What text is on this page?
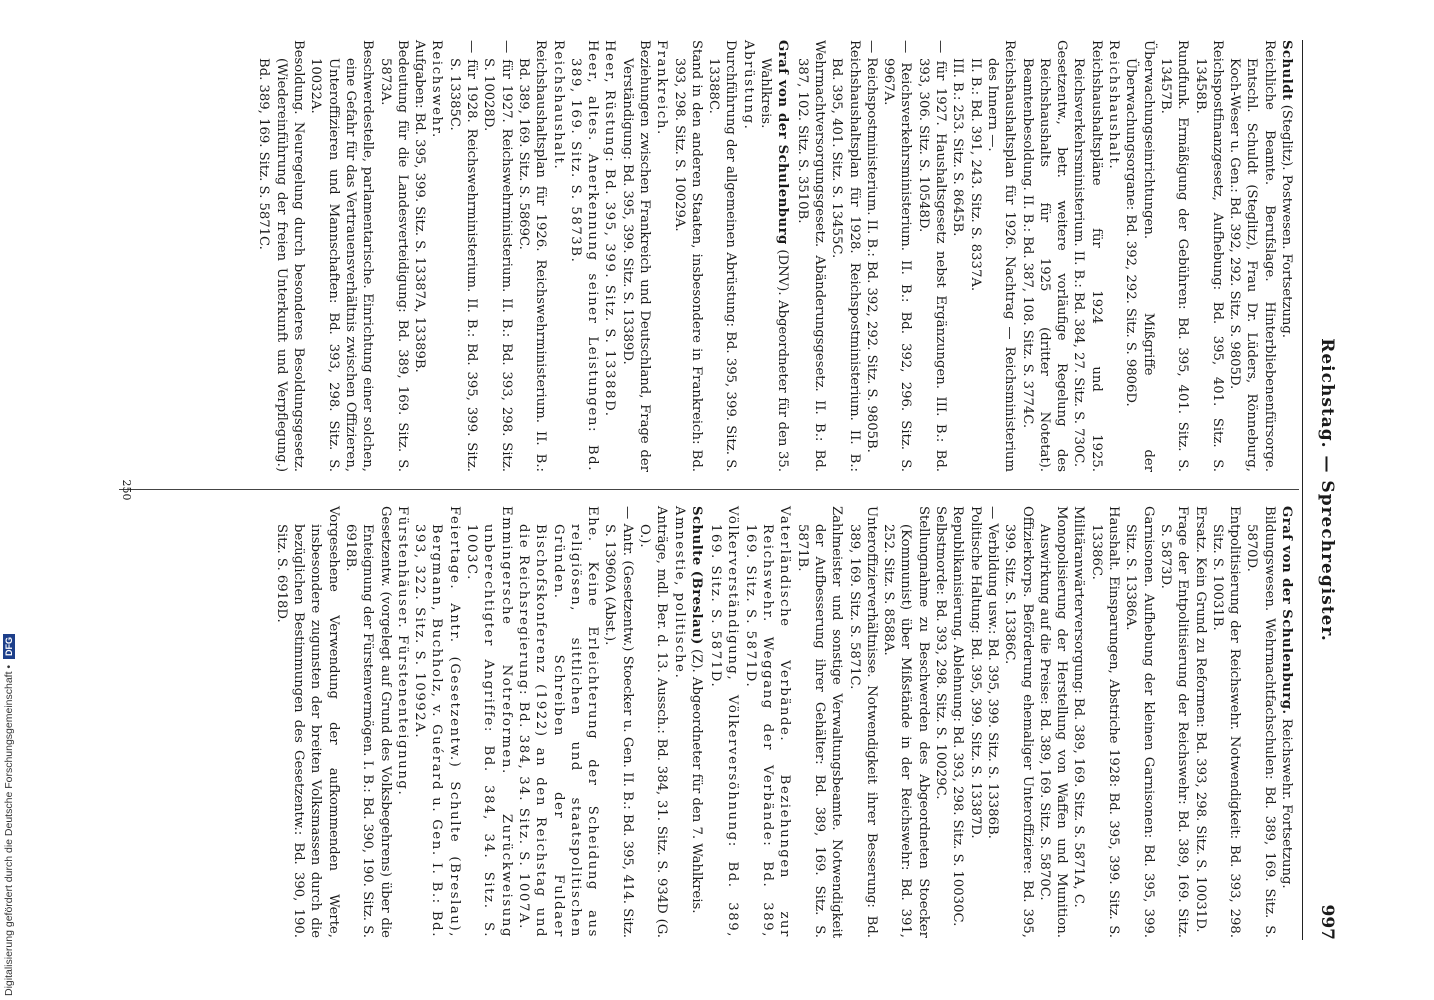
Reichstag. — Sprechregister.
997

Schuldt (Steglitz). Postwesen. Fortsetzung.

Reichliche Beamte. Berufslage. Hinterbliebenenfürsorge. Entschl. Schuldt (Steglitz), Frau Dr. Lüders, Rönneburg, Koch-Weser u. Gen.: Bd. 392, 292. Sitz. S. 9805D.

Reichspostfinanzgesetz, Aufhebung: Bd. 395, 401. Sitz. S. 13458B.

Rundfunk. Ermäßigung der Gebühren: Bd. 395, 401. Sitz. S. 13457B.

Überwachungseinrichtungen. Mißgriffe der Überwachungsorgane: Bd. 392, 292. Sitz. S. 9806D.

Reichshaushalt.

Reichshaushaltspläne für 1924 und 1925. Reichsverkehrsministerium. II. B.: Bd. 384, 27. Sitz. S. 730C.

Gesetzentw., betr. weitere vorläufige Regelung des Reichshaushalts für 1925 (dritter Notetat). Beamtenbesoldung. II. B.: Bd. 387, 108. Sitz. S. 3774C.

Reichshaushaltsplan für 1926. Nachtrag — Reichsministerium des Innern —.

II. B.: Bd. 391, 243. Sitz. S. 8337A.

III. B.: 253. Sitz. S. 8645B.

— für 1927. Haushaltsgesetz nebst Ergänzungen. III. B.: Bd. 393, 306. Sitz. S. 10548D.

— Reichsverkehrsministerium. II. B.: Bd. 392, 296. Sitz. S. 9967A.

— Reichspostministerium. II. B.: Bd. 392, 292. Sitz. S. 9805B.

Reichshaushaltsplan für 1928. Reichspostministerium. II. B.: Bd. 395, 401. Sitz. S. 13455C.

Wehrmachtversorgungsgesetz. Abänderungsgesetz. II. B.: Bd. 387, 102. Sitz. S. 3510B.

Graf von der Schulenburg (DNV). Abgeordneter für den 35. Wahlkreis.

Abrüstung.

Durchführung der allgemeinen Abrüstung: Bd. 395, 399. Sitz. S. 13388C.

Stand in den anderen Staaten, insbesondere in Frankreich: Bd. 393, 298. Sitz. S. 10029A.

Frankreich.

Beziehungen zwischen Frankreich und Deutschland, Frage der Verständigung: Bd. 395, 399. Sitz. S. 13389D.

Heer, Rüstung: Bd. 395, 399. Sitz. S. 13388D.

Heer, altes. Anerkennung seiner Leistungen: Bd. 389, 169. Sitz. S. 5873B.

Reichshaushalt.

Reichshaushaltsplan für 1926. Reichswehrministerium. II. B.: Bd. 389, 169. Sitz. S. 5869C.

— für 1927. Reichswehrministerium. II. B.: Bd. 393, 298. Sitz. S. 10028D.

— für 1928. Reichswehrministerium. II. B.: Bd. 395, 399. Sitz. S. 13385C.

Reichswehr.

Aufgaben: Bd. 395, 399. Sitz. S. 13387A, 13389B.

Bedeutung für die Landesverteidigung: Bd. 389, 169. Sitz. S. 5873A.

Beschwerdestelle, parlamentarische. Einrichtung einer solchen, eine Gefahr für das Vertrauensverhältnis zwischen Offizieren, Unteroffizieren und Mannschaften: Bd. 393, 298. Sitz. S. 10032A.

Besoldung. Neuregelung durch besonderes Besoldungsgesetz. (Wiedereinführung der freien Unterkunft und Verpflegung.) Bd. 389, 169. Sitz. S. 5871C.

Graf von der Schulenburg. Reichswehr. Fortsetzung.

Bildungswesen. Wehrmachtfachschulen: Bd. 389, 169. Sitz. S. 5870D.

Entpolitisierung der Reichswehr. Notwendigkeit: Bd. 393, 298. Sitz. S. 10031B.

Ersatz. Kein Grund zu Reformen: Bd. 393, 298. Sitz. S. 10031D.

Frage der Entpolitisierung der Reichswehr: Bd. 389, 169. Sitz. S. 5873D.

Garnisonen. Aufhebung der kleinen Garnisonen: Bd. 395, 399. Sitz. S. 13386A.

Haushalt. Einsparungen, Abstriche 1928: Bd. 395, 399. Sitz. S. 13386C.

Militäranwärterversorgung: Bd. 389, 169. Sitz. S. 5871A, C.

Monopolisierung der Herstellung von Waffen und Munition. Auswirkung auf die Preise: Bd. 389, 169. Sitz. S. 5870C.

Offizierkorps. Beförderung ehemaliger Unteroffiziere: Bd. 395, 399. Sitz. S. 13386C.

— Verbildung usw.: Bd. 395, 399. Sitz. S. 13386B.

Politische Haltung: Bd. 395, 399. Sitz. S. 13387D.

Republikanisierung. Ablehnung: Bd. 393, 298. Sitz. S. 10030C.

Selbstmorde: Bd. 393, 298. Sitz. S. 10029C.

Stellungnahme zu Beschwerden des Abgeordneten Stoecker (Kommunist) über Mißstände in der Reichswehr: Bd. 391, 252. Sitz. S. 8588A.

Unteroffizierverhältnisse. Notwendigkeit ihrer Besserung: Bd. 389, 169. Sitz. S. 5871C.

Zahlmeister und sonstige Verwaltungsbeamte. Notwendigkeit der Aufbesserung ihrer Gehälter: Bd. 389, 169. Sitz. S. 5871B.

Vaterländische Verbände. Beziehungen zur Reichswehr. Weggang der Verbände: Bd. 389, 169. Sitz. S. 5871D.

Völkerverständigung, Völkerversöhnung: Bd. 389, 169. Sitz. S. 5871D.

Schulte (Breslau) (Z). Abgeordneter für den 7. Wahlkreis.

Amnestie, politische.

Anträge, mdl. Ber. d. 13. Aussch.: Bd. 384, 31. Sitz. S. 934D (G. O.).

— Antr. (Gesetzentw.) Stoecker u. Gen. II. B.: Bd. 395, 414. Sitz. S. 13960A (Abst.).

Ehe. Keine Erleichterung der Scheidung aus religiösen, sittlichen und staatspolitischen Gründen. Schreiben der Fuldaer Bischofskonferenz (1922) an den Reichstag und die Reichsregierung: Bd. 384, 34. Sitz. S. 1007A.

Emmingersche Notreformen. Zurückweisung unberechtigter Angriffe: Bd. 384, 34. Sitz. S. 1003C.

Feiertage. Antr. (Gesetzentw.) Schulte (Breslau), Bergmann, Buchholz, v. Guérard u. Gen. I. B.: Bd. 393, 322. Sitz. S. 10992A.

Fürstenhäuser. Fürstenenteignung.

Gesetzentw. (vorgelegt auf Grund des Volksbegehrens) über die Enteignung der Fürstenvermögen. I. B.: Bd. 390, 190. Sitz. S. 6918B.

Vorgesehene Verwendung der aufkommenden Werte, insbesondere zugunsten der breiten Volksmassen durch die bezüglichen Bestimmungen des Gesetzentw.: Bd. 390, 190. Sitz. S. 6918D.

250
Digitalisierung gefördert durch die Deutsche Forschungsgemeinschaft • DFG
